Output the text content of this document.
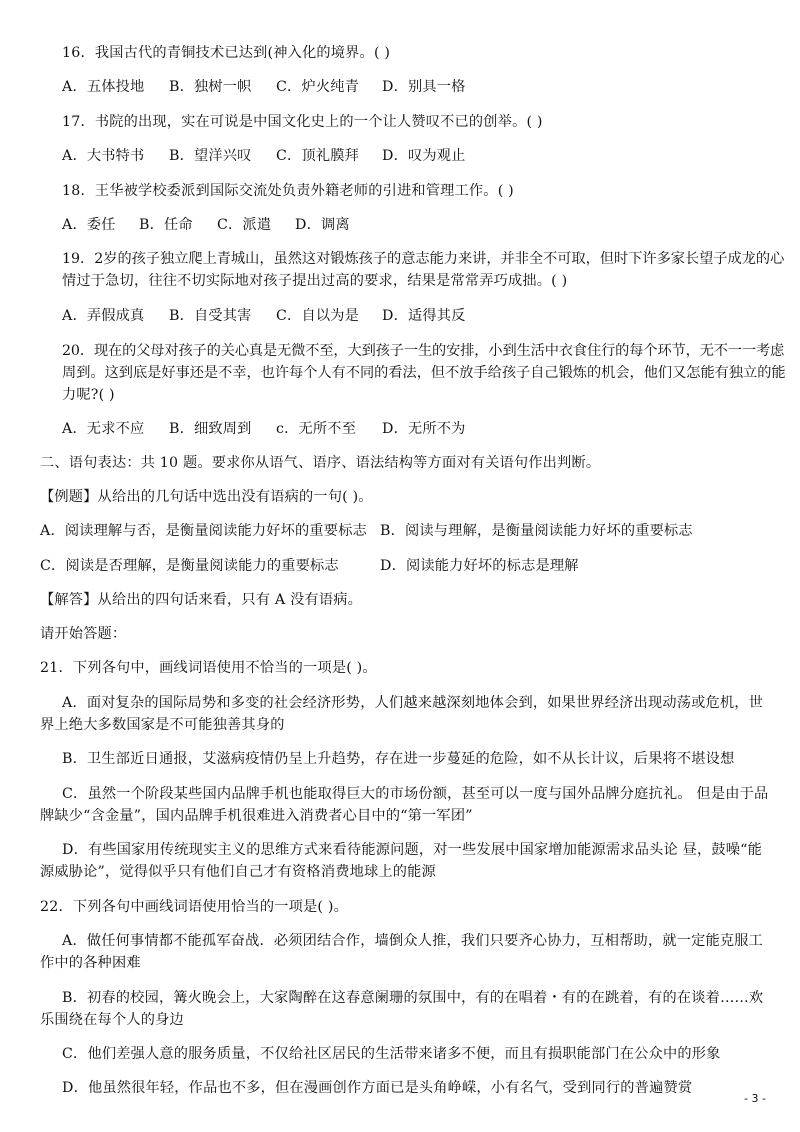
16．我国古代的青铜技术已达到(神入化的境界。( )
A．五体投地 B．独树一帜 C．炉火纯青 D．别具一格
17．书院的出现，实在可说是中国文化史上的一个让人赞叹不已的创举。( )
A．大书特书 B．望洋兴叹 C．顶礼膜拜 D．叹为观止
18．王华被学校委派到国际交流处负责外籍老师的引进和管理工作。( )
A．委任 B．任命 C．派遣 D．调离
19．2岁的孩子独立爬上青城山，虽然这对锻炼孩子的意志能力来讲，并非全不可取，但时下许多家长望子成龙的心
情过于急切，往往不切实际地对孩子提出过高的要求，结果是常常弄巧成拙。( )
A．弄假成真 B．自受其害 C．自以为是 D．适得其反
20．现在的父母对孩子的关心真是无微不至，大到孩子一生的安排，小到生活中衣食住行的每个环节，无不一一考虑
周到。这到底是好事还是不幸，也许每个人有不同的看法，但不放手给孩子自己锻炼的机会，他们又怎能有独立的能
力呢?( )
A．无求不应 B．细致周到 c．无所不至 D．无所不为
二、语句表达：共 10 题。要求你从语气、语序、语法结构等方面对有关语句作出判断。
【例题】从给出的几句话中选出没有语病的一句( )。
A．阅读理解与否，是衡量阅读能力好坏的重要标志 B．阅读与理解，是衡量阅读能力好坏的重要标志
C．阅读是否理解，是衡量阅读能力的重要标志	D．阅读能力好坏的标志是理解
【解答】从给出的四句话来看，只有 A 没有语病。
请开始答题：
21．下列各句中，画线词语使用不恰当的一项是( )。
A．面对复杂的国际局势和多变的社会经济形势，人们越来越深刻地体会到，如果世界经济出现动荡或危机，世
界上绝大多数国家是不可能独善其身的
B．卫生部近日通报，艾滋病疫情仍呈上升趋势，存在进一步蔓延的危险，如不从长计议，后果将不堪设想
C．虽然一个阶段某些国内品牌手机也能取得巨大的市场份额，甚至可以一度与国外品牌分庭抗礼。 但是由于品
牌缺少“含金量”，国内品牌手机很难进入消费者心目中的“第一军团”
D．有些国家用传统现实主义的思维方式来看待能源问题，对一些发展中国家增加能源需求品头论 昼，鼓噪“能
源威胁论”，觉得似乎只有他们自己才有资格消费地球上的能源
22．下列各句中画线词语使用恰当的一项是( )。
A．做任何事情都不能孤军奋战．必须团结合作，墙倒众人推，我们只要齐心协力，互相帮助，就一定能克服工
作中的各种困难
B．初春的校园，篝火晚会上，大家陶醉在这春意阑珊的氛围中，有的在唱着・有的在跳着，有的在谈着……欢
乐围绕在每个人的身边
C．他们差强人意的服务质量，不仅给社区居民的生活带来诸多不便，而且有损职能部门在公众中的形象
D．他虽然很年轻，作品也不多，但在漫画创作方面已是头角峥嵘，小有名气，受到同行的普遍赞赏
- 3 -
